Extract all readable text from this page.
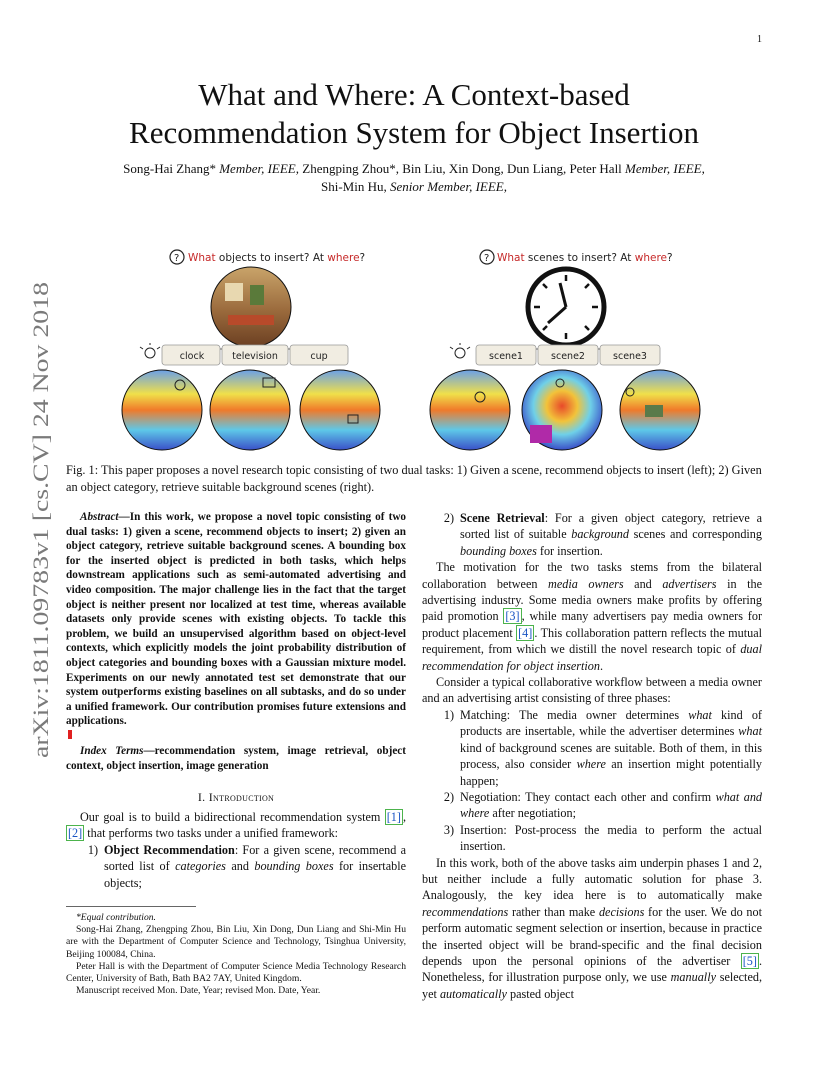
1
arXiv:1811.09783v1 [cs.CV] 24 Nov 2018
What and Where: A Context-based
Recommendation System for Object Insertion
Song-Hai Zhang* Member, IEEE, Zhengping Zhou*, Bin Liu, Xin Dong, Dun Liang, Peter Hall Member, IEEE,
Shi-Min Hu, Senior Member, IEEE,
? What objects to insert? At where?
clock	television	cup
? What scenes to insert? At where?
scene1	scene2	scene3
Fig. 1: This paper proposes a novel research topic consisting of two dual tasks: 1) Given a scene, recommend objects to insert (left); 2) Given an object category, retrieve suitable background scenes (right).

Abstract—In this work, we propose a novel topic consisting of two dual tasks: 1) given a scene, recommend objects to insert; 2) given an object category, retrieve suitable background scenes. A bounding box for the inserted object is predicted in both tasks, which helps downstream applications such as semi-automated advertising and video composition. The major challenge lies in the fact that the target object is neither present nor localized at test time, whereas available datasets only provide scenes with existing objects. To tackle this problem, we build an unsupervised algorithm based on object-level contexts, which explicitly models the joint probability distribution of object categories and bounding boxes with a Gaussian mixture model. Experiments on our newly annotated test set demonstrate that our system outperforms existing baselines on all subtasks, and do so under a unified framework. Our contribution promises future extensions and applications.

Index Terms—recommendation system, image retrieval, object context, object insertion, image generation

I. Introduction

Our goal is to build a bidirectional recommendation system [1] , [2] that performs two tasks under a unified framework:

1) Object Recommendation: For a given scene, recommend a sorted list of categories and bounding boxes for insertable objects;

*Equal contribution.

Song-Hai Zhang, Zhengping Zhou, Bin Liu, Xin Dong, Dun Liang and Shi-Min Hu are with the Department of Computer Science and Technology, Tsinghua University, Beijing 100084, China.

Peter Hall is with the Department of Computer Science Media Technology Research Center, University of Bath, Bath BA2 7AY, United Kingdom.

Manuscript received Mon. Date, Year; revised Mon. Date, Year.

2) Scene Retrieval: For a given object category, retrieve a sorted list of suitable background scenes and corresponding bounding boxes for insertion.

The motivation for the two tasks stems from the bilateral collaboration between media owners and advertisers in the advertising industry. Some media owners make profits by offering paid promotion [3] , while many advertisers pay media owners for product placement [4] . This collaboration pattern reflects the mutual requirement, from which we distill the novel research topic of dual recommendation for object insertion.

Consider a typical collaborative workflow between a media owner and an advertising artist consisting of three phases:

1) Matching: The media owner determines what kind of products are insertable, while the advertiser determines what kind of background scenes are suitable. Both of them, in this process, also consider where an insertion might potentially happen;
2) Negotiation: They contact each other and confirm what and where after negotiation;
3) Insertion: Post-process the media to perform the actual insertion.

In this work, both of the above tasks aim underpin phases 1 and 2, but neither include a fully automatic solution for phase 3. Analogously, the key idea here is to automatically make recommendations rather than make decisions for the user. We do not perform automatic segment selection or insertion, because in practice the inserted object will be brand-specific and the final decision depends upon the personal opinions of the advertiser [5] . Nonetheless, for illustration purpose only, we use manually selected, yet automatically pasted object
